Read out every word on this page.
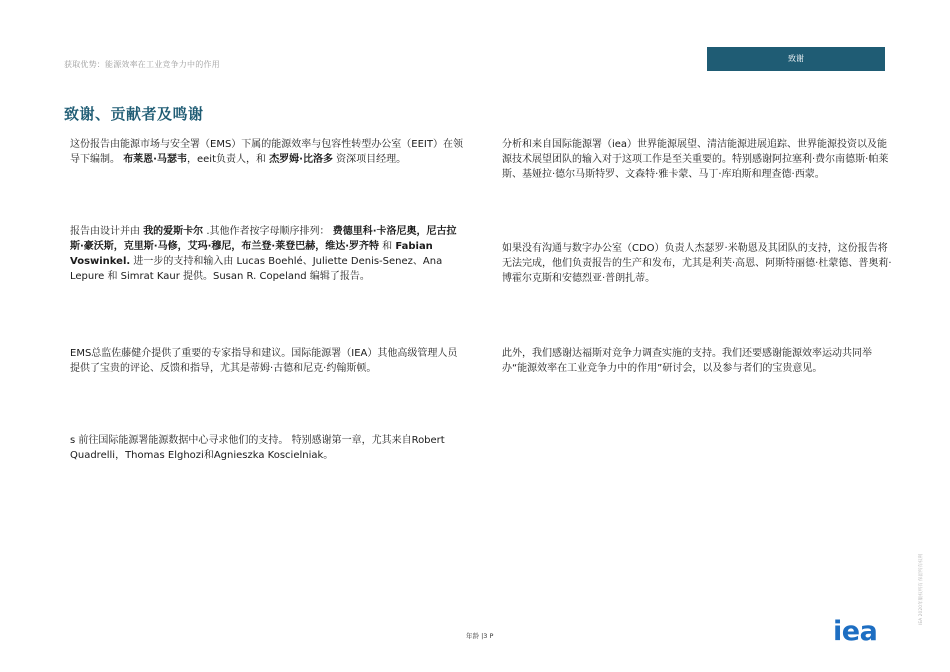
获取优势：能源效率在工业竞争力中的作用
致谢
致谢、贡献者及鸣谢

这份报告由能源市场与安全署（EMS）下属的能源效率与包容性转型办公室（EEIT）在领导下编制。 布莱恩·马瑟韦，eeit负责人，和 杰罗姆·比洛多 资深项目经理。

报告由设计并由 我的爱斯卡尔 .其他作者按字母顺序排列： 费德里科·卡洛尼奥，尼古拉斯·豪沃斯，克里斯·马修，艾玛·穆尼，布兰登·莱登巴赫，维达·罗齐特 和 Fabian Voswinkel. 进一步的支持和输入由 Lucas Boehlé、Juliette Denis-Senez、Ana Lepure 和 Simrat Kaur 提供。Susan R. Copeland 编辑了报告。

EMS总监佐藤健介提供了重要的专家指导和建议。国际能源署（IEA）其他高级管理人员提供了宝贵的评论、反馈和指导，尤其是蒂姆·古德和尼克·约翰斯顿。

s 前往国际能源署能源数据中心寻求他们的支持。 特别感谢第一章，尤其来自Robert Quadrelli，Thomas Elghozi和Agnieszka Koscielniak。

分析和来自国际能源署（iea）世界能源展望、清洁能源进展追踪、世界能源投资以及能源技术展望团队的输入对于这项工作是至关重要的。特别感谢阿拉塞利·费尔南德斯·帕莱斯、基娅拉·德尔马斯特罗、文森特·雅卡蒙、马丁·库珀斯和理查德·西蒙。

如果没有沟通与数字办公室（CDO）负责人杰瑟罗·米勒恩及其团队的支持，这份报告将无法完成，他们负责报告的生产和发布，尤其是利芙·高恩、阿斯特丽德·杜蒙德、普奥莉·博霍尔克斯和安德烈亚·普朗扎蒂。

此外，我们感谢达福斯对竞争力调查实施的支持。我们还要感谢能源效率运动共同举办“能源效率在工业竞争力中的作用”研讨会，以及参与者们的宝贵意见。

年龄 |3 P
IEA 2020年版权所有 保留所有权利
iea
